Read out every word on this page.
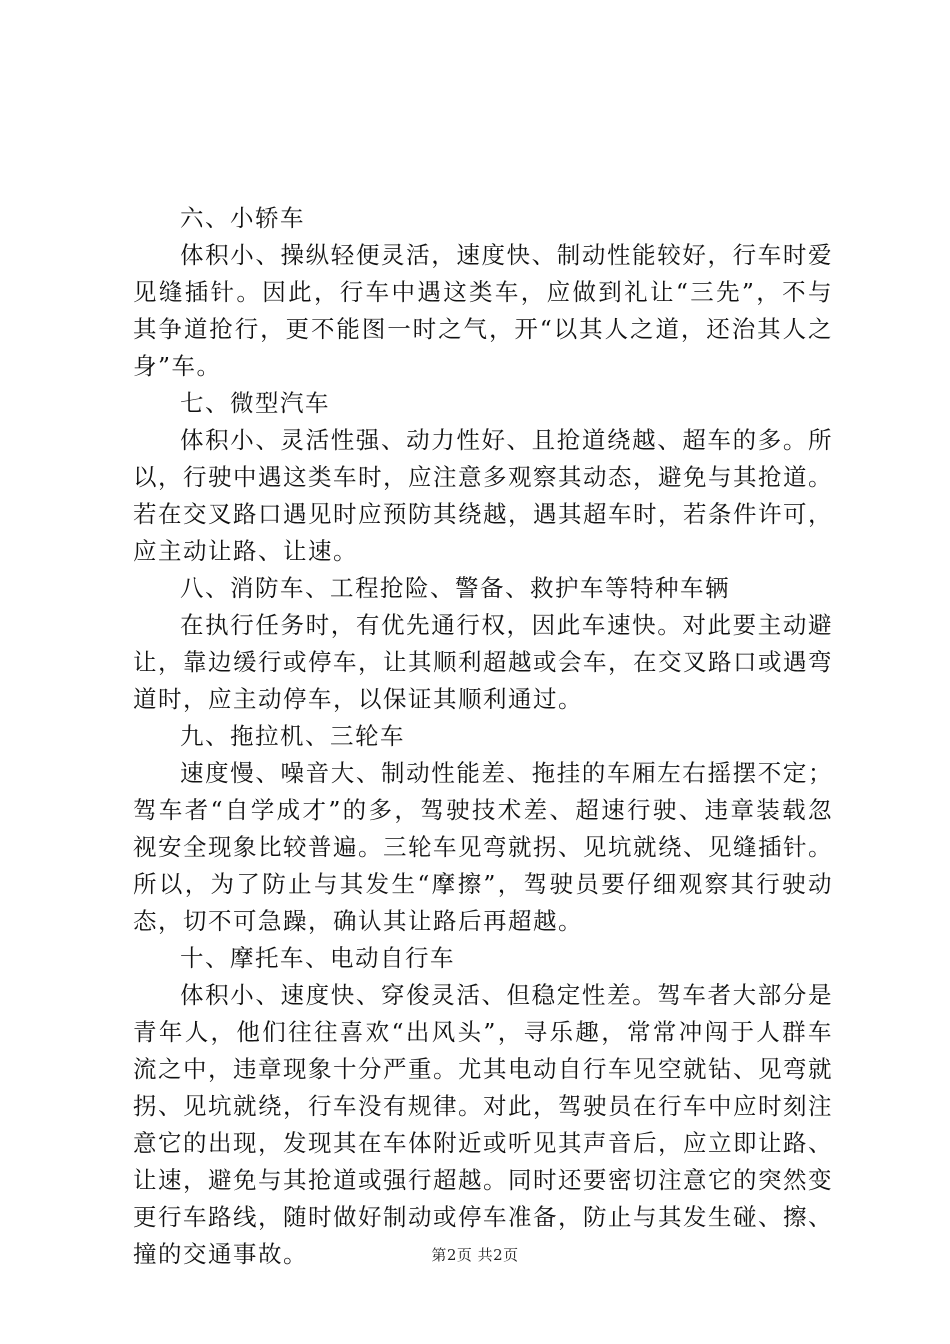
六、小轿车

体积小、操纵轻便灵活，速度快、制动性能较好，行车时爱见缝插针。因此，行车中遇这类车，应做到礼让“三先”，不与其争道抢行，更不能图一时之气，开“以其人之道，还治其人之身”车。

七、微型汽车

体积小、灵活性强、动力性好、且抢道绕越、超车的多。所以，行驶中遇这类车时，应注意多观察其动态，避免与其抢道。若在交叉路口遇见时应预防其绕越，遇其超车时，若条件许可，应主动让路、让速。

八、消防车、工程抢险、警备、救护车等特种车辆

在执行任务时，有优先通行权，因此车速快。对此要主动避让，靠边缓行或停车，让其顺利超越或会车，在交叉路口或遇弯道时，应主动停车，以保证其顺利通过。

九、拖拉机、三轮车

速度慢、噪音大、制动性能差、拖挂的车厢左右摇摆不定；驾车者“自学成才”的多，驾驶技术差、超速行驶、违章装载忽视安全现象比较普遍。三轮车见弯就拐、见坑就绕、见缝插针。所以，为了防止与其发生“摩擦”，驾驶员要仔细观察其行驶动态，切不可急躁，确认其让路后再超越。

十、摩托车、电动自行车

体积小、速度快、穿俊灵活、但稳定性差。驾车者大部分是青年人，他们往往喜欢“出风头”，寻乐趣，常常冲闯于人群车流之中，违章现象十分严重。尤其电动自行车见空就钻、见弯就拐、见坑就绕，行车没有规律。对此，驾驶员在行车中应时刻注意它的出现，发现其在车体附近或听见其声音后，应立即让路、让速，避免与其抢道或强行超越。同时还要密切注意它的突然变更行车路线，随时做好制动或停车准备，防止与其发生碰、擦、撞的交通事故。	第2页 共2页
